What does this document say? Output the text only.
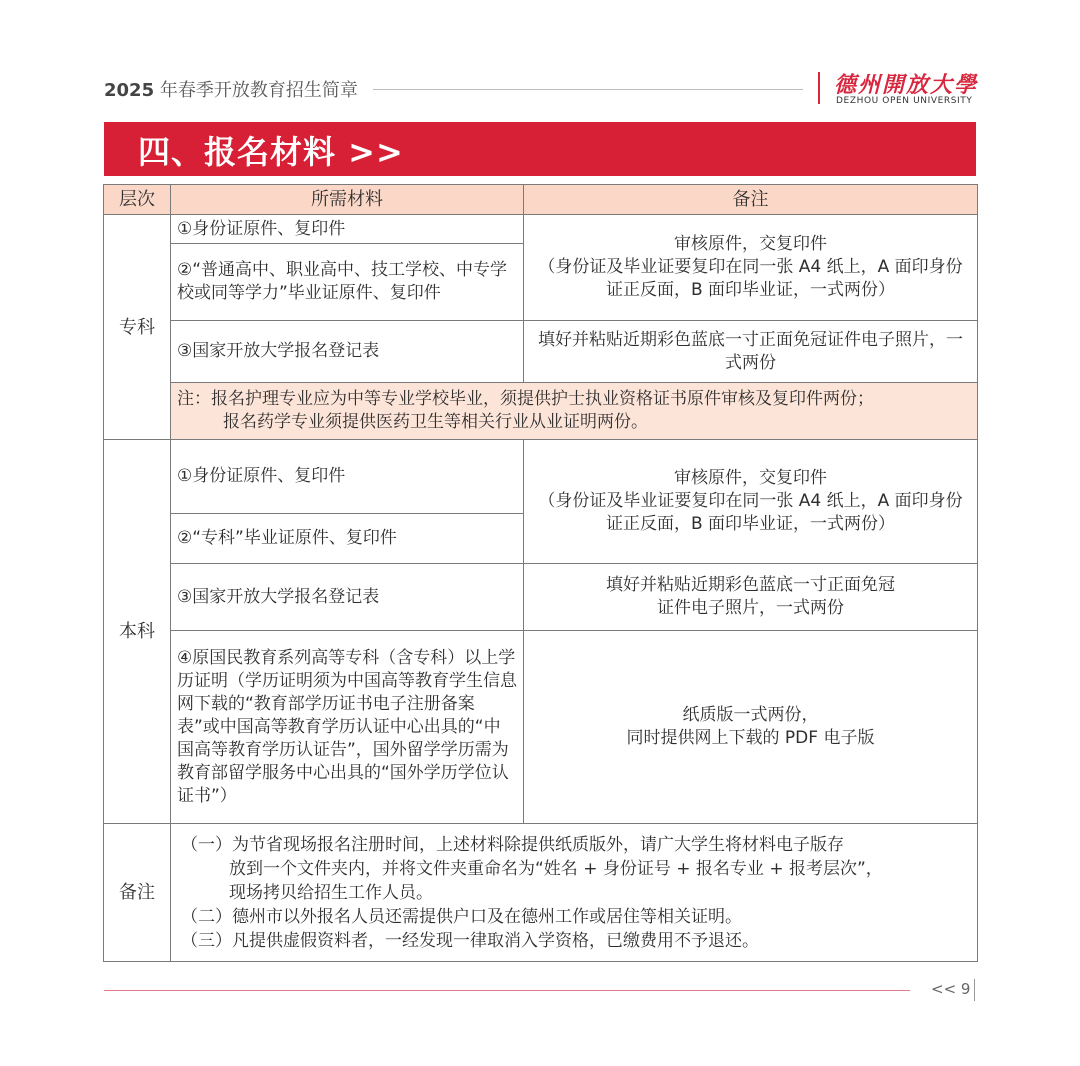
2025 年春季开放教育招生简章	德州開放大學
DEZHOU OPEN UNIVERSITY
四、报名材料 >>
层次	所需材料	备注
专科	①身份证原件、复印件	审核原件，交复印件
（身份证及毕业证要复印在同一张 A4 纸上，A 面印身份证正反面，B 面印毕业证，一式两份）

	②“普通高中、职业高中、技工学校、中专学校或同等学力”毕业证原件、复印件	
	③国家开放大学报名登记表	填好并粘贴近期彩色蓝底一寸正面免冠证件电子照片，一式两份
	注：报名护理专业应为中等专业学校毕业，须提供护士执业资格证书原件审核及复印件两份；
报名药学专业须提供医药卫生等相关行业从业证明两份。	

本科	①身份证原件、复印件	审核原件，交复印件
（身份证及毕业证要复印在同一张 A4 纸上，A 面印身份证正反面，B 面印毕业证，一式两份）

	②“专科”毕业证原件、复印件	
	③国家开放大学报名登记表	填好并粘贴近期彩色蓝底一寸正面免冠
证件电子照片，一式两份

	④原国民教育系列高等专科（含专科）以上学历证明（学历证明须为中国高等教育学生信息网下载的“教育部学历证书电子注册备案表”或中国高等教育学历认证中心出具的“中国高等教育学历认证告”，国外留学学历需为教育部留学服务中心出具的“国外学历学位认证书”）	纸质版一式两份，
同时提供网上下载的 PDF 电子版

备注	（一）为节省现场报名注册时间，上述材料除提供纸质版外，请广大学生将材料电子版存
放到一个文件夹内，并将文件夹重命名为“姓名 + 身份证号 + 报名专业 + 报考层次”，
现场拷贝给招生工作人员。
（二）德州市以外报名人员还需提供户口及在德州工作或居住等相关证明。
（三）凡提供虚假资料者，一经发现一律取消入学资格，已缴费用不予退还。	
<< 9
